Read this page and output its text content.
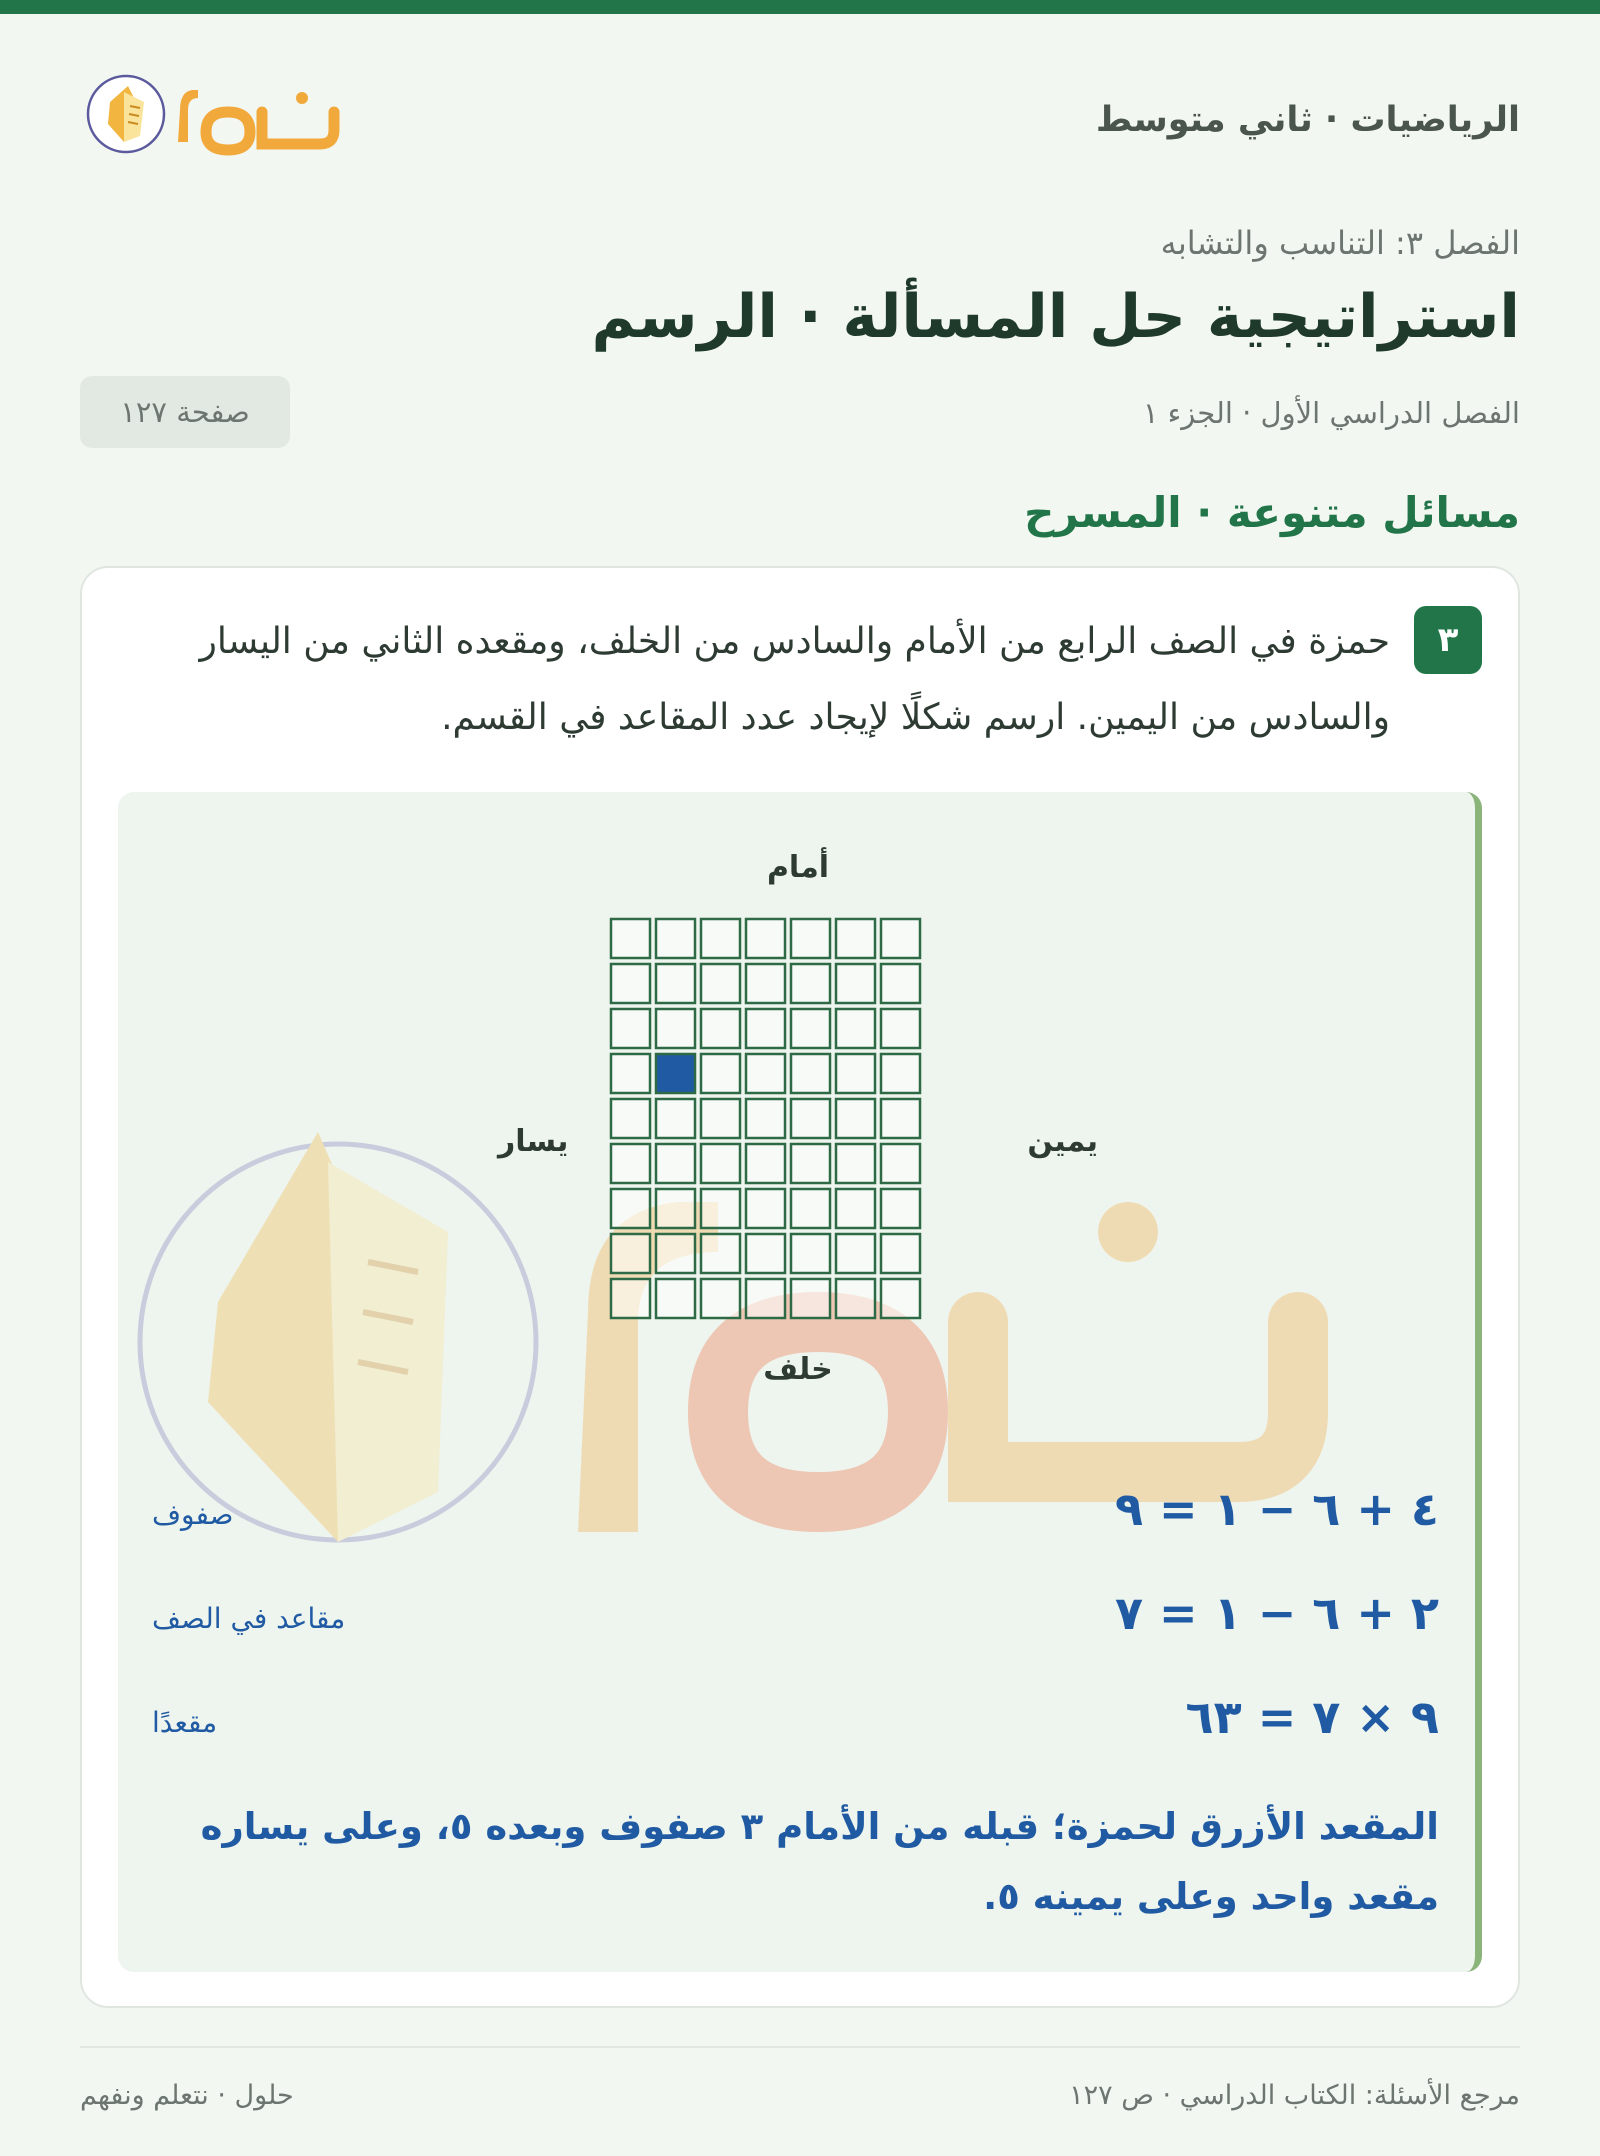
الرياضيات · ثاني متوسط
الفصل ٣: التناسب والتشابه
استراتيجية حل المسألة · الرسم
الفصل الدراسي الأول · الجزء ١
صفحة ١٢٧
مسائل متنوعة · المسرح
٣
حمزة في الصف الرابع من الأمام والسادس من الخلف، ومقعده الثاني من اليسار والسادس من اليمين. ارسم شكلًا لإيجاد عدد المقاعد في القسم.
أمام
خلف
يسار	يمين
٤ + ٦ − ١ = ٩
صفوف
٢ + ٦ − ١ = ٧
مقاعد في الصف
٩ × ٧ = ٦٣
مقعدًا
المقعد الأزرق لحمزة؛ قبله من الأمام ٣ صفوف وبعده ٥، وعلى يساره مقعد واحد وعلى يمينه ٥.
حلول · نتعلم ونفهم	مرجع الأسئلة: الكتاب الدراسي · ص ١٢٧
